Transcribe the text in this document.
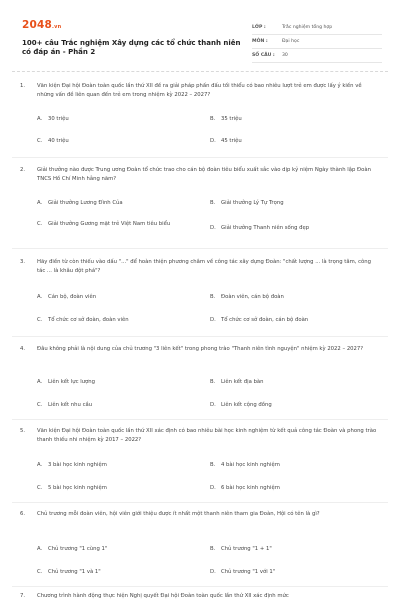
2048.vn
100+ câu Trắc nghiệm Xây dựng các tổ chức thanh niên có đáp án - Phần 2
LỚP :	Trắc nghiệm tổng hợp
MÔN :	Đại học
SỐ CÂU :	30
1.	Văn kiện Đại hội Đoàn toàn quốc lần thứ XII đề ra giải pháp phấn đấu tối thiểu có bao nhiêu lượt trẻ em được lấy ý kiến về những vấn đề liên quan đến trẻ em trong nhiệm kỳ 2022 – 2027?
A.	30 triệu	B.	35 triệu
C.	40 triệu	D. 45 triệu
2.	Giải thưởng nào được Trung ương Đoàn tổ chức trao cho cán bộ đoàn tiêu biểu xuất sắc vào dịp kỷ niệm Ngày thành lập Đoàn TNCS Hồ Chí Minh hằng năm?
A.	Giải thưởng Lương Đình Của	B.	Giải thưởng Lý Tự Trọng
C.	Giải thưởng Gương mặt trẻ Việt Nam tiêu biểu
D. Giải thưởng Thanh niên sống đẹp
3.	Hãy điền từ còn thiếu vào dấu "..." để hoàn thiện phương châm về công tác xây dựng Đoàn: "chất lượng ... là trọng tâm, công tác ... là khâu đột phá"?
A.	Cán bộ, đoàn viên	B.	Đoàn viên, cán bộ đoàn
C.	Tổ chức cơ sở đoàn, đoàn viên	D. Tổ chức cơ sở đoàn, cán bộ đoàn
4.	Đâu không phải là nội dung của chủ trương "3 liên kết" trong phong trào "Thanh niên tình nguyện" nhiệm kỳ 2022 – 2027?
A.	Liên kết lực lượng	B.	Liên kết địa bàn
C.	Liên kết nhu cầu	D. Liên kết cộng đồng
5.	Văn kiện Đại hội Đoàn toàn quốc lần thứ XII xác định có bao nhiêu bài học kinh nghiệm từ kết quả công tác Đoàn và phong trào thanh thiếu nhi nhiệm kỳ 2017 – 2022?
A.	3 bài học kinh nghiệm	B.	4 bài học kinh nghiệm
C.	5 bài học kinh nghiệm	D. 6 bài học kinh nghiệm
6.	Chủ trương mỗi đoàn viên, hội viên giới thiệu được ít nhất một thanh niên tham gia Đoàn, Hội có tên là gì?
A.	Chủ trương "1 cùng 1"	B.	Chủ trương "1 + 1"
C.	Chủ trương "1 và 1"	D. Chủ trương "1 với 1"
7.	Chương trình hành động thực hiện Nghị quyết Đại hội Đoàn toàn quốc lần thứ XII xác định mức
